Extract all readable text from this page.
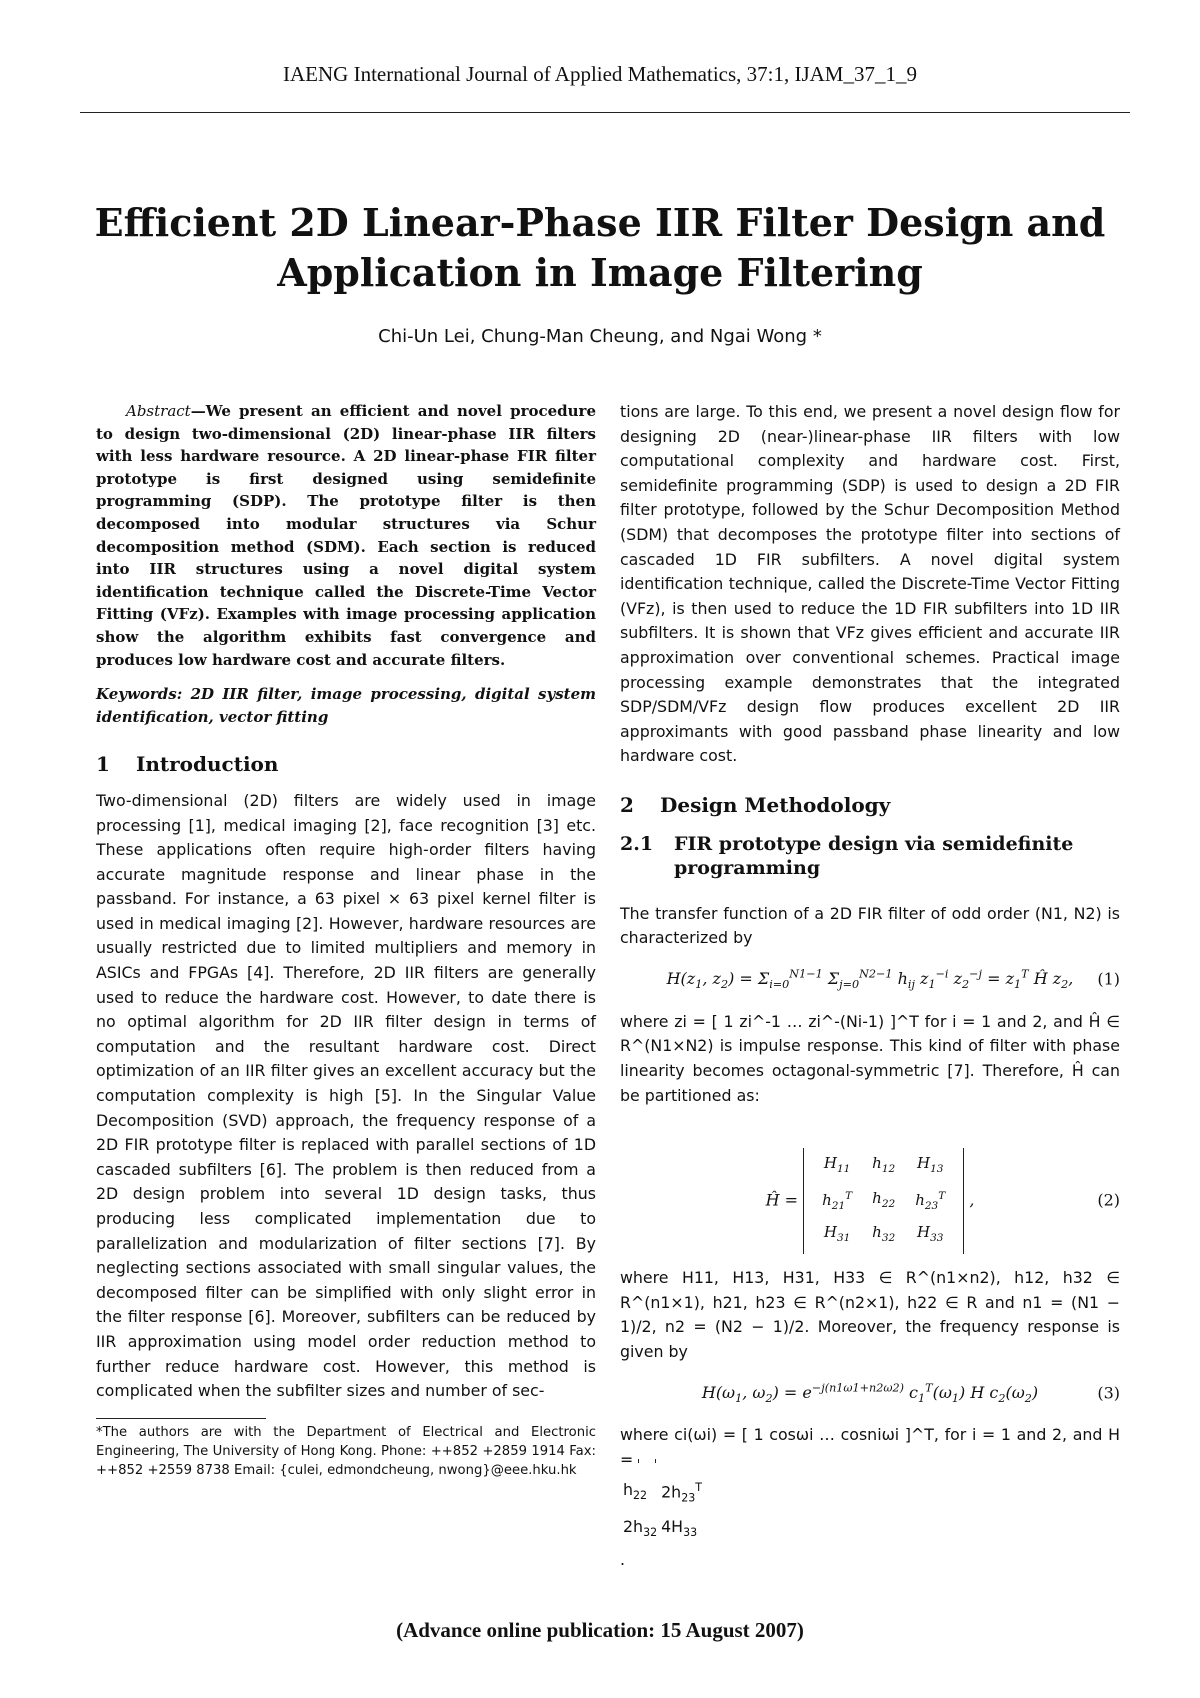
IAENG International Journal of Applied Mathematics, 37:1, IJAM_37_1_9
Efficient 2D Linear-Phase IIR Filter Design and
Application in Image Filtering
Chi-Un Lei, Chung-Man Cheung, and Ngai Wong *

Abstract—We present an efficient and novel procedure to design two-dimensional (2D) linear-phase IIR filters with less hardware resource. A 2D linear-phase FIR filter prototype is first designed using semidefinite programming (SDP). The prototype filter is then decomposed into modular structures via Schur decomposition method (SDM). Each section is reduced into IIR structures using a novel digital system identification technique called the Discrete-Time Vector Fitting (VFz). Examples with image processing application show the algorithm exhibits fast convergence and produces low hardware cost and accurate filters.

Keywords: 2D IIR filter, image processing, digital system identification, vector fitting

1 Introduction

Two-dimensional (2D) filters are widely used in image processing [1], medical imaging [2], face recognition [3] etc. These applications often require high-order filters having accurate magnitude response and linear phase in the passband. For instance, a 63 pixel × 63 pixel kernel filter is used in medical imaging [2]. However, hardware resources are usually restricted due to limited multipliers and memory in ASICs and FPGAs [4]. Therefore, 2D IIR filters are generally used to reduce the hardware cost. However, to date there is no optimal algorithm for 2D IIR filter design in terms of computation and the resultant hardware cost. Direct optimization of an IIR filter gives an excellent accuracy but the computation complexity is high [5]. In the Singular Value Decomposition (SVD) approach, the frequency response of a 2D FIR prototype filter is replaced with parallel sections of 1D cascaded subfilters [6]. The problem is then reduced from a 2D design problem into several 1D design tasks, thus producing less complicated implementation due to parallelization and modularization of filter sections [7]. By neglecting sections associated with small singular values, the decomposed filter can be simplified with only slight error in the filter response [6]. Moreover, subfilters can be reduced by IIR approximation using model order reduction method to further reduce hardware cost. However, this method is complicated when the subfilter sizes and number of sec-

*The authors are with the Department of Electrical and Electronic Engineering, The University of Hong Kong. Phone: ++852 +2859 1914 Fax: ++852 +2559 8738 Email: {culei, edmondcheung, nwong}@eee.hku.hk

tions are large. To this end, we present a novel design flow for designing 2D (near-)linear-phase IIR filters with low computational complexity and hardware cost. First, semidefinite programming (SDP) is used to design a 2D FIR filter prototype, followed by the Schur Decomposition Method (SDM) that decomposes the prototype filter into sections of cascaded 1D FIR subfilters. A novel digital system identification technique, called the Discrete-Time Vector Fitting (VFz), is then used to reduce the 1D FIR subfilters into 1D IIR subfilters. It is shown that VFz gives efficient and accurate IIR approximation over conventional schemes. Practical image processing example demonstrates that the integrated SDP/SDM/VFz design flow produces excellent 2D IIR approximants with good passband phase linearity and low hardware cost.

2 Design Methodology
2.1	FIR prototype design via semidefinite programming

The transfer function of a 2D FIR filter of odd order (N1, N2) is characterized by

$H(z_1$, $z_2) = \Sigma_{i=0}^{N1-1}$ $\Sigma_{j=0}^{N2-1}$ $h_{ij}$ $z_1^{-i}$ $z_2^{-j} = z_1^T$ Ĥ $z_2$, (1)

where zi = [ 1 zi^-1 … zi^-(Ni-1) ]^T for i = 1 and 2, and Ĥ ∈ R^(N1×N2) is impulse response. This kind of filter with phase linearity becomes octagonal-symmetric [7]. Therefore, Ĥ can be partitioned as:

Ĥ =
$H_{11}$	$h_{12}$	$H_{13}$
$h_{21}^T$	$h_{22}$	$h_{23}^T$
$H_{31}$	$h_{32}$	$H_{33}$
,	(2)

where H11, H13, H31, H33 ∈ R^(n1×n2), h12, h32 ∈ R^(n1×1), h21, h23 ∈ R^(n2×1), h22 ∈ R and n1 = (N1 − 1)/2, n2 = (N2 − 1)/2. Moreover, the frequency response is given by

$H(\omega_1$, $\omega_2) = e^{-j(n1\omega 1+n2\omega 2)}$ $c_1^T(\omega_1)$ H $c_2(\omega_2)$	(3)

where ci(ωi) = [ 1 cosωi … cosniωi ]^T, for i = 1 and 2, and H =

$h_{22}$	$2h_{23}^T$
$2h_{32}$	$4H_{33}$
.

(Advance online publication: 15 August 2007)
